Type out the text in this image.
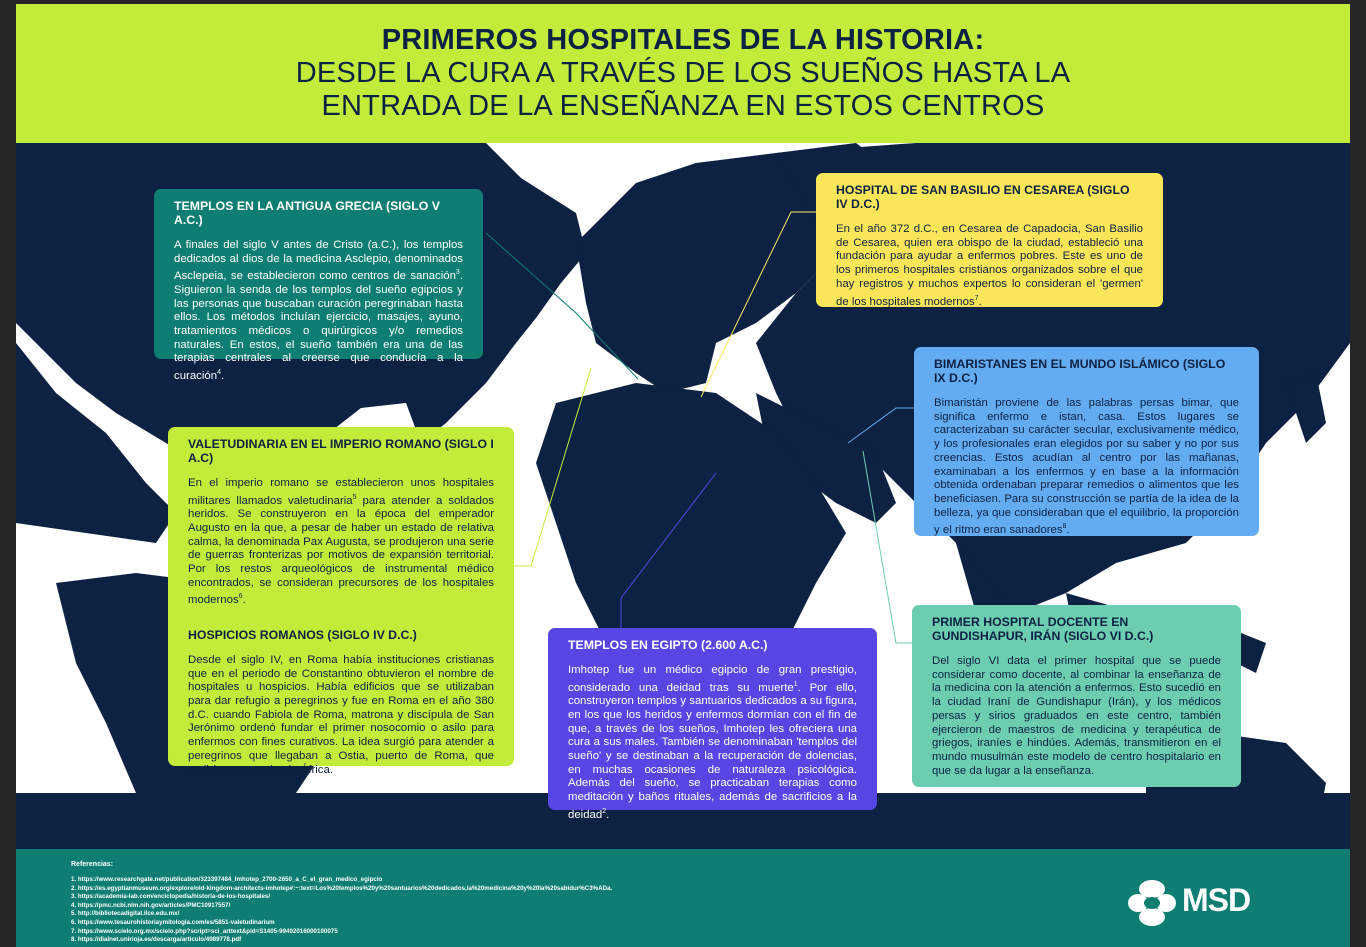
PRIMEROS HOSPITALES DE LA HISTORIA:
DESDE LA CURA A TRAVÉS DE LOS SUEÑOS HASTA LA
ENTRADA DE LA ENSEÑANZA EN ESTOS CENTROS
TEMPLOS EN LA ANTIGUA GRECIA (SIGLO V A.C.)

A finales del siglo V antes de Cristo (a.C.), los templos dedicados al dios de la medicina Asclepio, denominados Asclepeia, se establecieron como centros de sanación$^3$. Siguieron la senda de los templos del sueño egipcios y las personas que buscaban curación peregrinaban hasta ellos. Los métodos incluían ejercicio, masajes, ayuno, tratamientos médicos o quirúrgicos y/o remedios naturales. En estos, el sueño también era una de las terapias centrales al creerse que conducía a la curación$^4$.

HOSPITAL DE SAN BASILIO EN CESAREA (SIGLO IV D.C.)

En el año 372 d.C., en Cesarea de Capadocia, San Basilio de Cesarea, quien era obispo de la ciudad, estableció una fundación para ayudar a enfermos pobres. Este es uno de los primeros hospitales cristianos organizados sobre el que hay registros y muchos expertos lo consideran el 'germen' de los hospitales modernos$^7$.

BIMARISTANES EN EL MUNDO ISLÁMICO (SIGLO IX D.C.)

Bimaristán proviene de las palabras persas bimar, que significa enfermo e istan, casa. Estos lugares se caracterizaban su carácter secular, exclusivamente médico, y los profesionales eran elegidos por su saber y no por sus creencias. Estos acudían al centro por las mañanas, examinaban a los enfermos y en base a la información obtenida ordenaban preparar remedios o alimentos que les beneficiasen. Para su construcción se partía de la idea de la belleza, ya que consideraban que el equilibrio, la proporción y el ritmo eran sanadores$^8$.

VALETUDINARIA EN EL IMPERIO ROMANO (SIGLO I A.C)

En el imperio romano se establecieron unos hospitales militares llamados valetudinaria$^5$ para atender a soldados heridos. Se construyeron en la época del emperador Augusto en la que, a pesar de haber un estado de relativa calma, la denominada Pax Augusta, se produjeron una serie de guerras fronterizas por motivos de expansión territorial. Por los restos arqueológicos de instrumental médico encontrados, se consideran precursores de los hospitales modernos$^6$.

HOSPICIOS ROMANOS (SIGLO IV D.C.)

Desde el siglo IV, en Roma había instituciones cristianas que en el periodo de Constantino obtuvieron el nombre de hospitales u hospicios. Había edificios que se utilizaban para dar refugio a peregrinos y fue en Roma en el año 380 d.C. cuando Fabiola de Roma, matrona y discípula de San Jerónimo ordenó fundar el primer nosocomio o asilo para enfermos con fines curativos. La idea surgió para atender a peregrinos que llegaban a Ostia, puerto de Roma, que recibía a gente desde África.

TEMPLOS EN EGIPTO (2.600 A.C.)

Imhotep fue un médico egipcio de gran prestigio, considerado una deidad tras su muerte$^1$. Por ello, construyeron templos y santuarios dedicados a su figura, en los que los heridos y enfermos dormían con el fin de que, a través de los sueños, Imhotep les ofreciera una cura a sus males. También se denominaban 'templos del sueño' y se destinaban a la recuperación de dolencias, en muchas ocasiones de naturaleza psicológica. Además del sueño, se practicaban terapias como meditación y baños rituales, además de sacrificios a la deidad$^2$.

PRIMER HOSPITAL DOCENTE EN GUNDISHAPUR, IRÁN (SIGLO VI D.C.)

Del siglo VI data el primer hospital que se puede considerar como docente, al combinar la enseñanza de la medicina con la atención a enfermos. Esto sucedió en la ciudad Iraní de Gundishapur (Irán), y los médicos persas y sirios graduados en este centro, también ejercieron de maestros de medicina y terapéutica de griegos, iraníes e hindúes. Además, transmitieron en el mundo musulmán este modelo de centro hospitalario en que se da lugar a la enseñanza.

Referencias:
1. https://www.researchgate.net/publication/323397484_Imhotep_2700-2650_a_C_el_gran_medico_egipcio
2. https://es.egyptianmuseum.org/explore/old-kingdom-architects-imhotep#:~:text=Los%20templos%20y%20santuarios%20dedicados,la%20medicina%20y%20la%20sabidur%C3%ADa.
3. https://academia-lab.com/enciclopedia/historia-de-los-hospitales/
4. https://pmc.ncbi.nlm.nih.gov/articles/PMC10917557/
5. http://bibliotecadigital.ilce.edu.mx/
6. https://www.tesaurohistoriaymitologia.com/es/5851-valetudinarium
7. https://www.scielo.org.mx/scielo.php?script=sci_arttext&pid=S1405-99402016000100075
8. https://dialnet.unirioja.es/descarga/articulo/4989778.pdf
MSD
